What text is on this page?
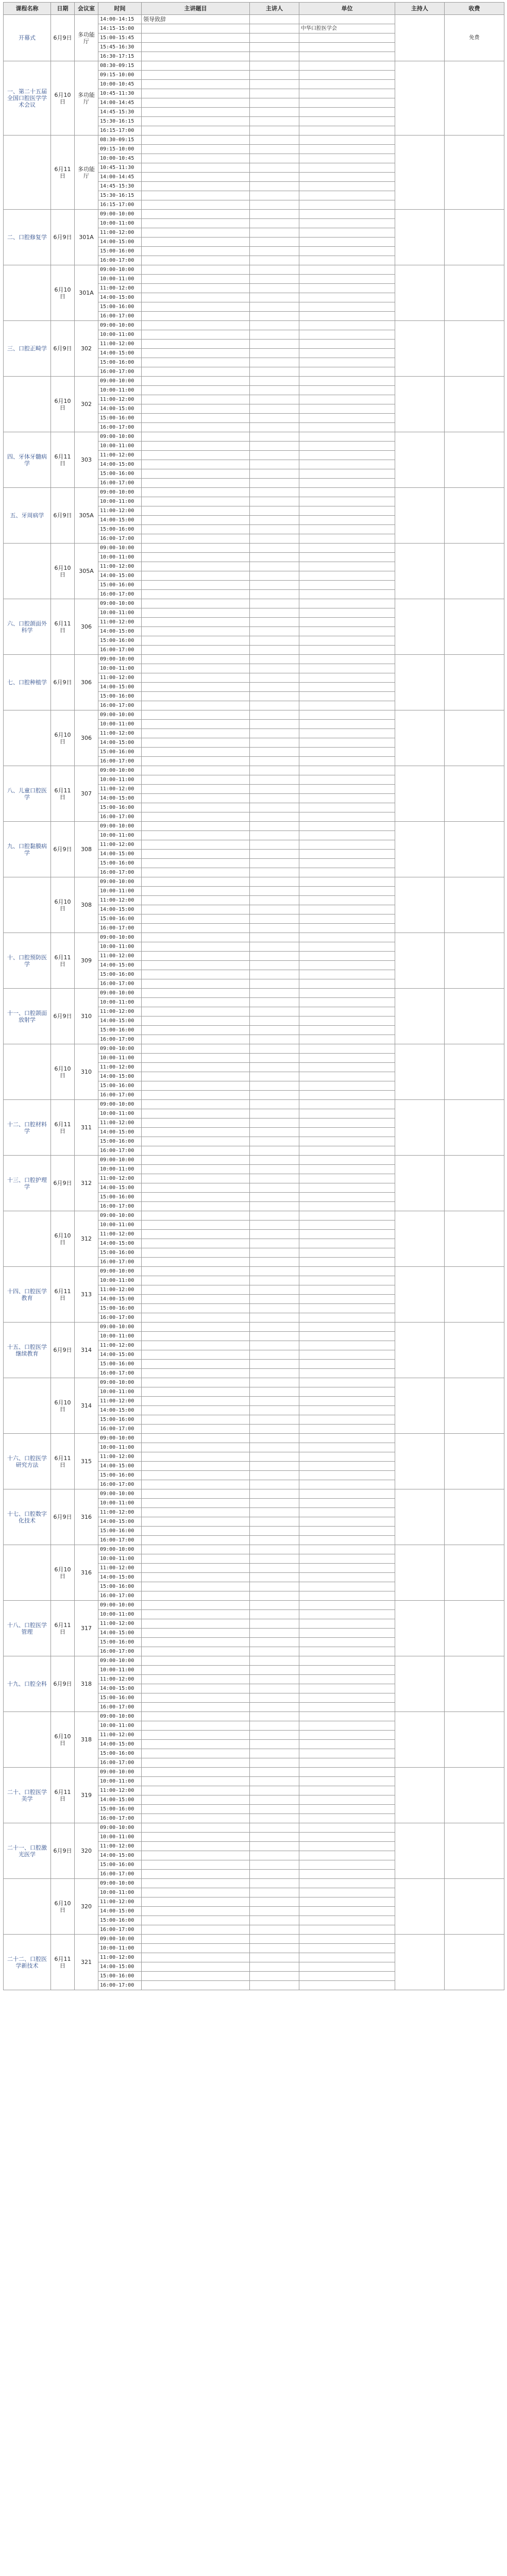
课程名称	日期	会议室	时间	主讲题目	主讲人	单位	主持人	收费
开幕式	6月9日	多功能厅	14:00-14:15	领导致辞				免费
			14:15-15:00			中华口腔医学会		
			15:00-15:45					
			15:45-16:30					
			16:30-17:15					
一、第二十五届全国口腔医学学术会议	6月10日	多功能厅	08:30-09:15					
			09:15-10:00					
			10:00-10:45					
			10:45-11:30					
			14:00-14:45					
			14:45-15:30					
			15:30-16:15					
			16:15-17:00					
	6月11日	多功能厅	08:30-09:15					
			09:15-10:00					
			10:00-10:45					
			10:45-11:30					
			14:00-14:45					
			14:45-15:30					
			15:30-16:15					
			16:15-17:00					
二、口腔修复学	6月9日	301A	09:00-10:00					
			10:00-11:00					
			11:00-12:00					
			14:00-15:00					
			15:00-16:00					
			16:00-17:00					
	6月10日	301A	09:00-10:00					
			10:00-11:00					
			11:00-12:00					
			14:00-15:00					
			15:00-16:00					
			16:00-17:00					
三、口腔正畸学	6月9日	302	09:00-10:00					
			10:00-11:00					
			11:00-12:00					
			14:00-15:00					
			15:00-16:00					
			16:00-17:00					
	6月10日	302	09:00-10:00					
			10:00-11:00					
			11:00-12:00					
			14:00-15:00					
			15:00-16:00					
			16:00-17:00					
四、牙体牙髓病学	6月11日	303	09:00-10:00					
			10:00-11:00					
			11:00-12:00					
			14:00-15:00					
			15:00-16:00					
			16:00-17:00					
五、牙周病学	6月9日	305A	09:00-10:00					
			10:00-11:00					
			11:00-12:00					
			14:00-15:00					
			15:00-16:00					
			16:00-17:00					
	6月10日	305A	09:00-10:00					
			10:00-11:00					
			11:00-12:00					
			14:00-15:00					
			15:00-16:00					
			16:00-17:00					
六、口腔颌面外科学	6月11日	306	09:00-10:00					
			10:00-11:00					
			11:00-12:00					
			14:00-15:00					
			15:00-16:00					
			16:00-17:00					
七、口腔种植学	6月9日	306	09:00-10:00					
			10:00-11:00					
			11:00-12:00					
			14:00-15:00					
			15:00-16:00					
			16:00-17:00					
	6月10日	306	09:00-10:00					
			10:00-11:00					
			11:00-12:00					
			14:00-15:00					
			15:00-16:00					
			16:00-17:00					
八、儿童口腔医学	6月11日	307	09:00-10:00					
			10:00-11:00					
			11:00-12:00					
			14:00-15:00					
			15:00-16:00					
			16:00-17:00					
九、口腔黏膜病学	6月9日	308	09:00-10:00					
			10:00-11:00					
			11:00-12:00					
			14:00-15:00					
			15:00-16:00					
			16:00-17:00					
	6月10日	308	09:00-10:00					
			10:00-11:00					
			11:00-12:00					
			14:00-15:00					
			15:00-16:00					
			16:00-17:00					
十、口腔预防医学	6月11日	309	09:00-10:00					
			10:00-11:00					
			11:00-12:00					
			14:00-15:00					
			15:00-16:00					
			16:00-17:00					
十一、口腔颌面放射学	6月9日	310	09:00-10:00					
			10:00-11:00					
			11:00-12:00					
			14:00-15:00					
			15:00-16:00					
			16:00-17:00					
	6月10日	310	09:00-10:00					
			10:00-11:00					
			11:00-12:00					
			14:00-15:00					
			15:00-16:00					
			16:00-17:00					
十二、口腔材料学	6月11日	311	09:00-10:00					
			10:00-11:00					
			11:00-12:00					
			14:00-15:00					
			15:00-16:00					
			16:00-17:00					
十三、口腔护理学	6月9日	312	09:00-10:00					
			10:00-11:00					
			11:00-12:00					
			14:00-15:00					
			15:00-16:00					
			16:00-17:00					
	6月10日	312	09:00-10:00					
			10:00-11:00					
			11:00-12:00					
			14:00-15:00					
			15:00-16:00					
			16:00-17:00					
十四、口腔医学教育	6月11日	313	09:00-10:00					
			10:00-11:00					
			11:00-12:00					
			14:00-15:00					
			15:00-16:00					
			16:00-17:00					
十五、口腔医学继续教育	6月9日	314	09:00-10:00					
			10:00-11:00					
			11:00-12:00					
			14:00-15:00					
			15:00-16:00					
			16:00-17:00					
	6月10日	314	09:00-10:00					
			10:00-11:00					
			11:00-12:00					
			14:00-15:00					
			15:00-16:00					
			16:00-17:00					
十六、口腔医学研究方法	6月11日	315	09:00-10:00					
			10:00-11:00					
			11:00-12:00					
			14:00-15:00					
			15:00-16:00					
			16:00-17:00					
十七、口腔数字化技术	6月9日	316	09:00-10:00					
			10:00-11:00					
			11:00-12:00					
			14:00-15:00					
			15:00-16:00					
			16:00-17:00					
	6月10日	316	09:00-10:00					
			10:00-11:00					
			11:00-12:00					
			14:00-15:00					
			15:00-16:00					
			16:00-17:00					
十八、口腔医学管理	6月11日	317	09:00-10:00					
			10:00-11:00					
			11:00-12:00					
			14:00-15:00					
			15:00-16:00					
			16:00-17:00					
十九、口腔全科	6月9日	318	09:00-10:00					
			10:00-11:00					
			11:00-12:00					
			14:00-15:00					
			15:00-16:00					
			16:00-17:00					
	6月10日	318	09:00-10:00					
			10:00-11:00					
			11:00-12:00					
			14:00-15:00					
			15:00-16:00					
			16:00-17:00					
二十、口腔医学美学	6月11日	319	09:00-10:00					
			10:00-11:00					
			11:00-12:00					
			14:00-15:00					
			15:00-16:00					
			16:00-17:00					
二十一、口腔激光医学	6月9日	320	09:00-10:00					
			10:00-11:00					
			11:00-12:00					
			14:00-15:00					
			15:00-16:00					
			16:00-17:00					
	6月10日	320	09:00-10:00					
			10:00-11:00					
			11:00-12:00					
			14:00-15:00					
			15:00-16:00					
			16:00-17:00					
二十二、口腔医学新技术	6月11日	321	09:00-10:00					
			10:00-11:00					
			11:00-12:00					
			14:00-15:00					
			15:00-16:00					
			16:00-17:00					
